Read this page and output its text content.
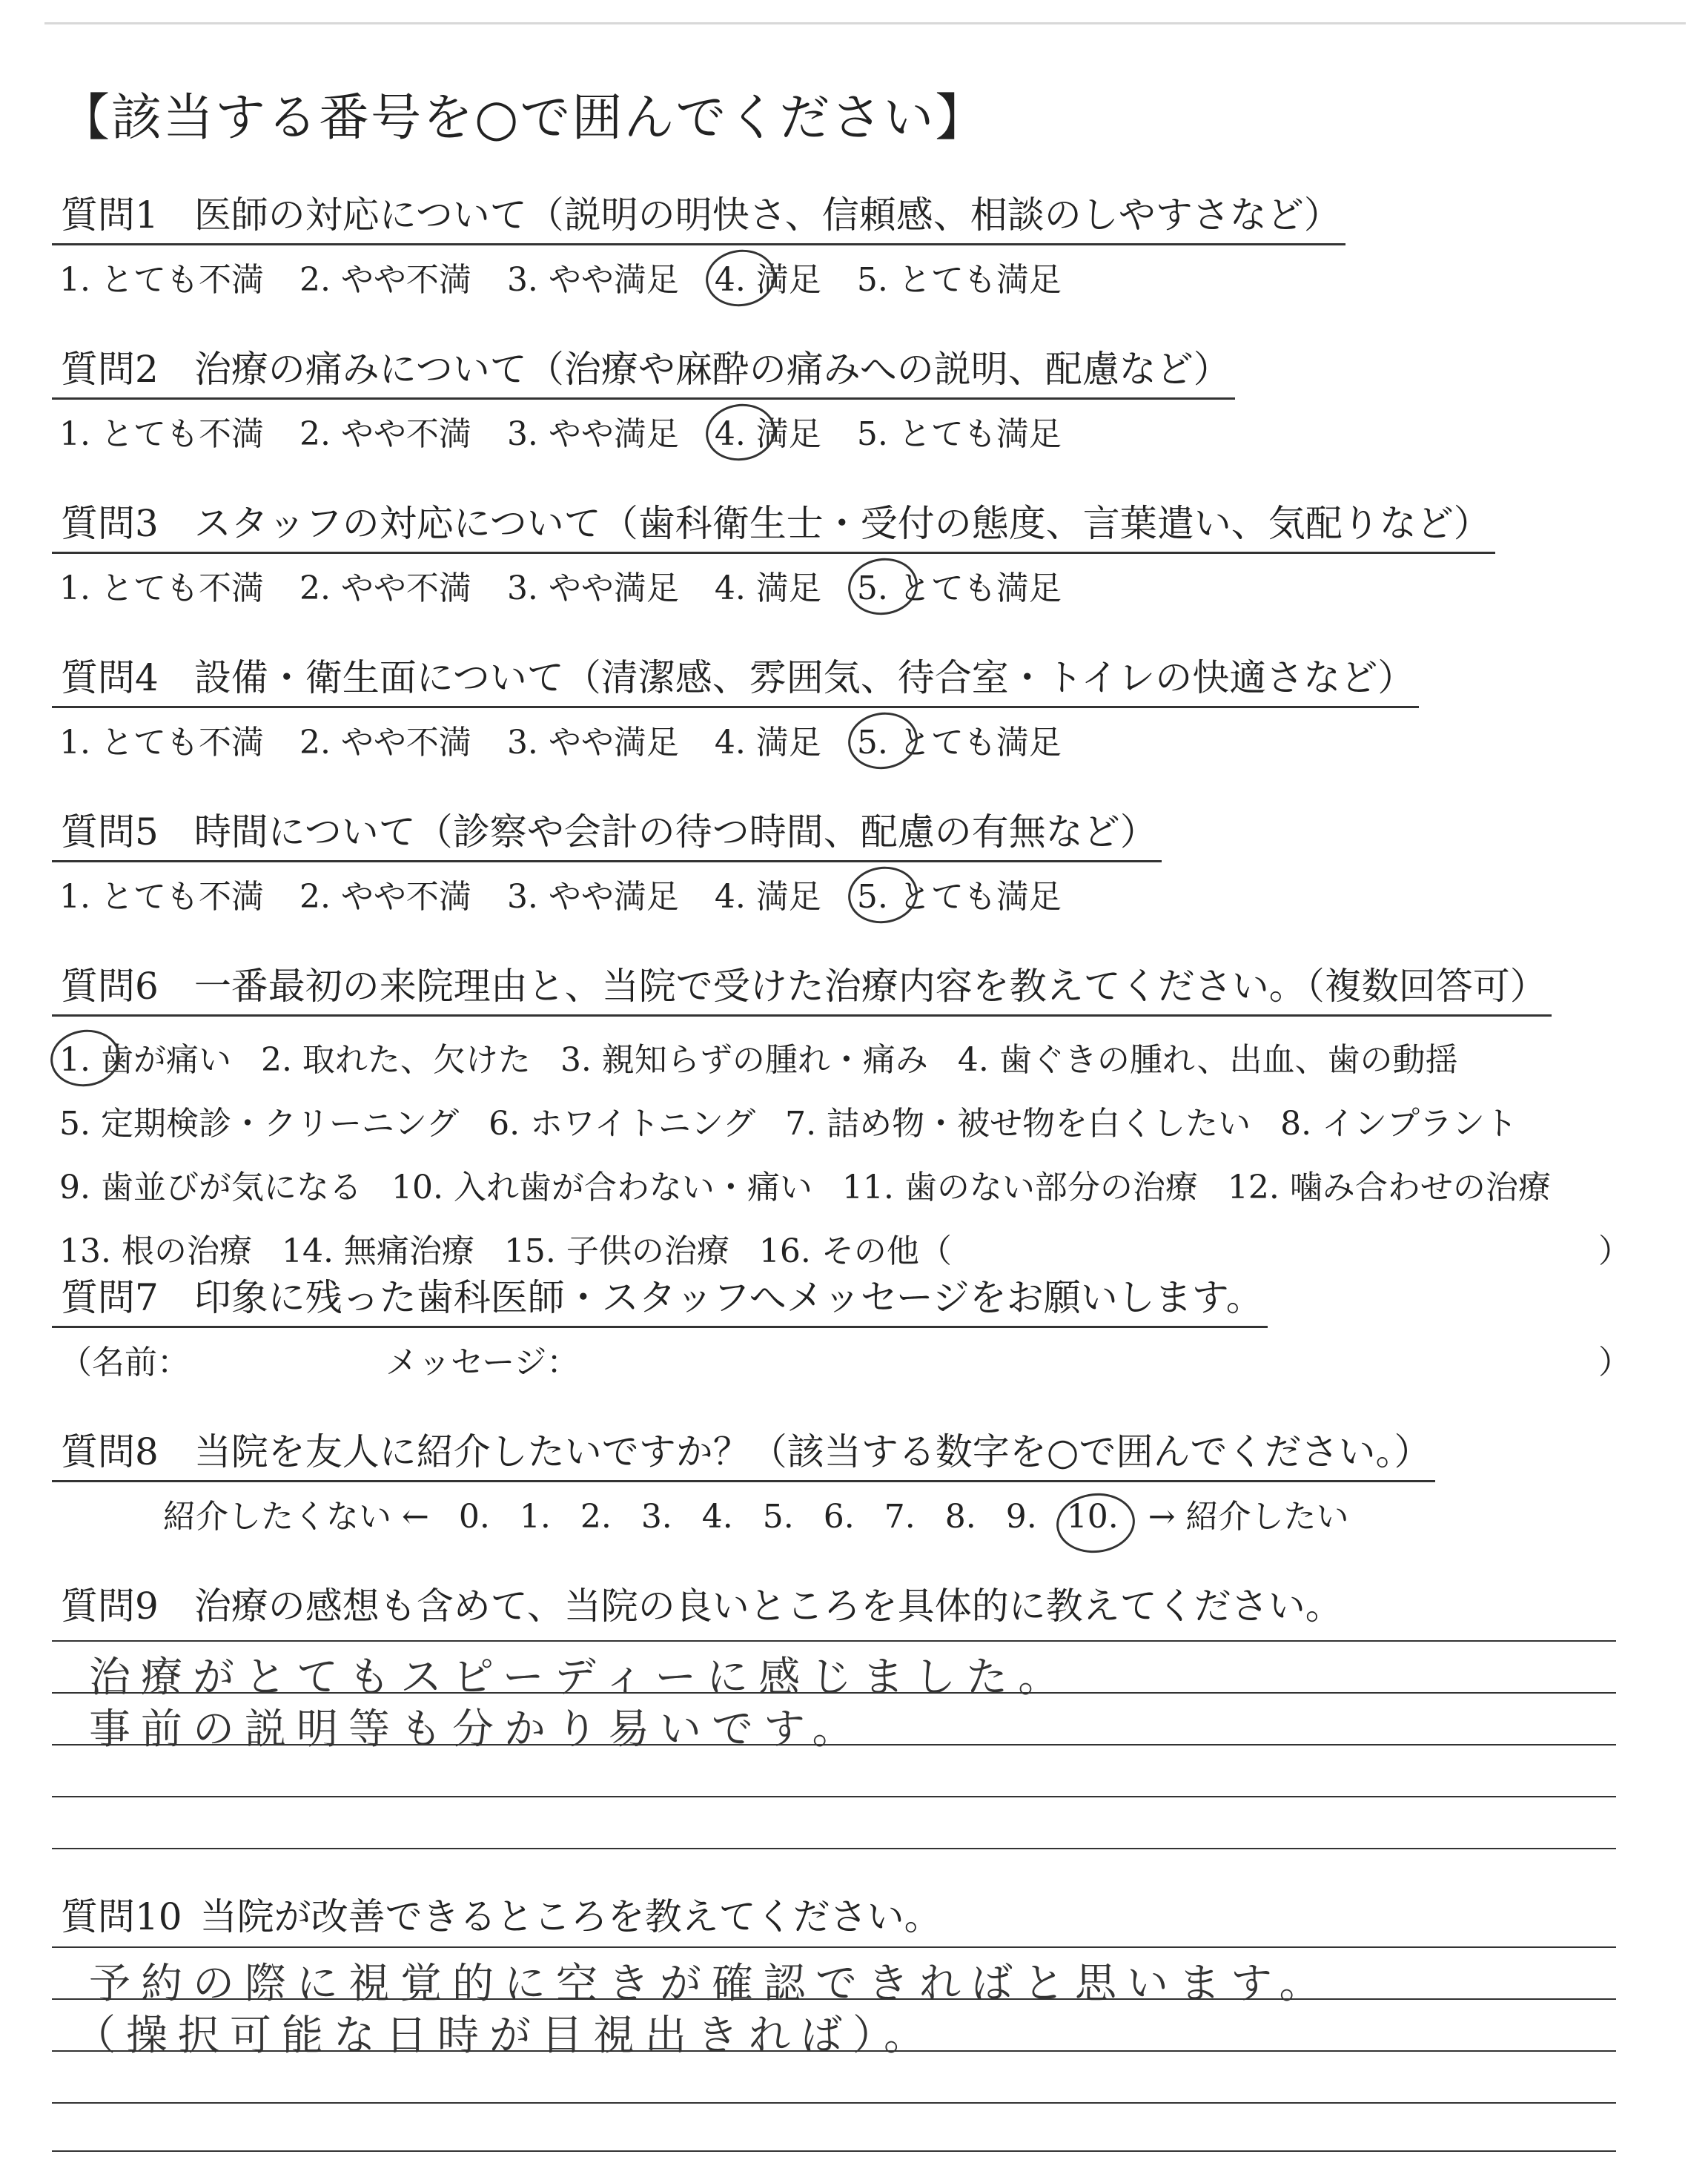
【該当する番号を○で囲んでください】
質問1 医師の対応について（説明の明快さ、信頼感、相談のしやすさなど）
1. とても不満 2. やや不満 3. やや満足 4. 満足 5. とても満足
質問2 治療の痛みについて（治療や麻酔の痛みへの説明、配慮など）
1. とても不満 2. やや不満 3. やや満足 4. 満足 5. とても満足
質問3 スタッフの対応について（歯科衛生士・受付の態度、言葉遣い、気配りなど）
1. とても不満 2. やや不満 3. やや満足 4. 満足 5. とても満足
質問4 設備・衛生面について（清潔感、雰囲気、待合室・トイレの快適さなど）
1. とても不満 2. やや不満 3. やや満足 4. 満足 5. とても満足
質問5 時間について（診察や会計の待つ時間、配慮の有無など）
1. とても不満 2. やや不満 3. やや満足 4. 満足 5. とても満足
質問6 一番最初の来院理由と、当院で受けた治療内容を教えてください。（複数回答可）
1. 歯が痛い 2. 取れた、欠けた 3. 親知らずの腫れ・痛み 4. 歯ぐきの腫れ、出血、歯の動揺
5. 定期検診・クリーニング 6. ホワイトニング 7. 詰め物・被せ物を白くしたい 8. インプラント
9. 歯並びが気になる 10. 入れ歯が合わない・痛い 11. 歯のない部分の治療 12. 噛み合わせの治療
13. 根の治療 14. 無痛治療 15. 子供の治療 16. その他（	）
質問7 印象に残った歯科医師・スタッフへメッセージをお願いします。
（名前：	メッセージ：	）
質問8 当院を友人に紹介したいですか？（該当する数字を○で囲んでください。）
紹介したくない ← 0. 1. 2. 3. 4. 5. 6. 7. 8. 9. 10. → 紹介したい
質問9 治療の感想も含めて、当院の良いところを具体的に教えてください。
治療がとてもスピーディーに感じました。
事前の説明等も分かり易いです。
質問10 当院が改善できるところを教えてください。
予約の際に視覚的に空きが確認できればと思います。
（操択可能な日時が目視出きれば）。
